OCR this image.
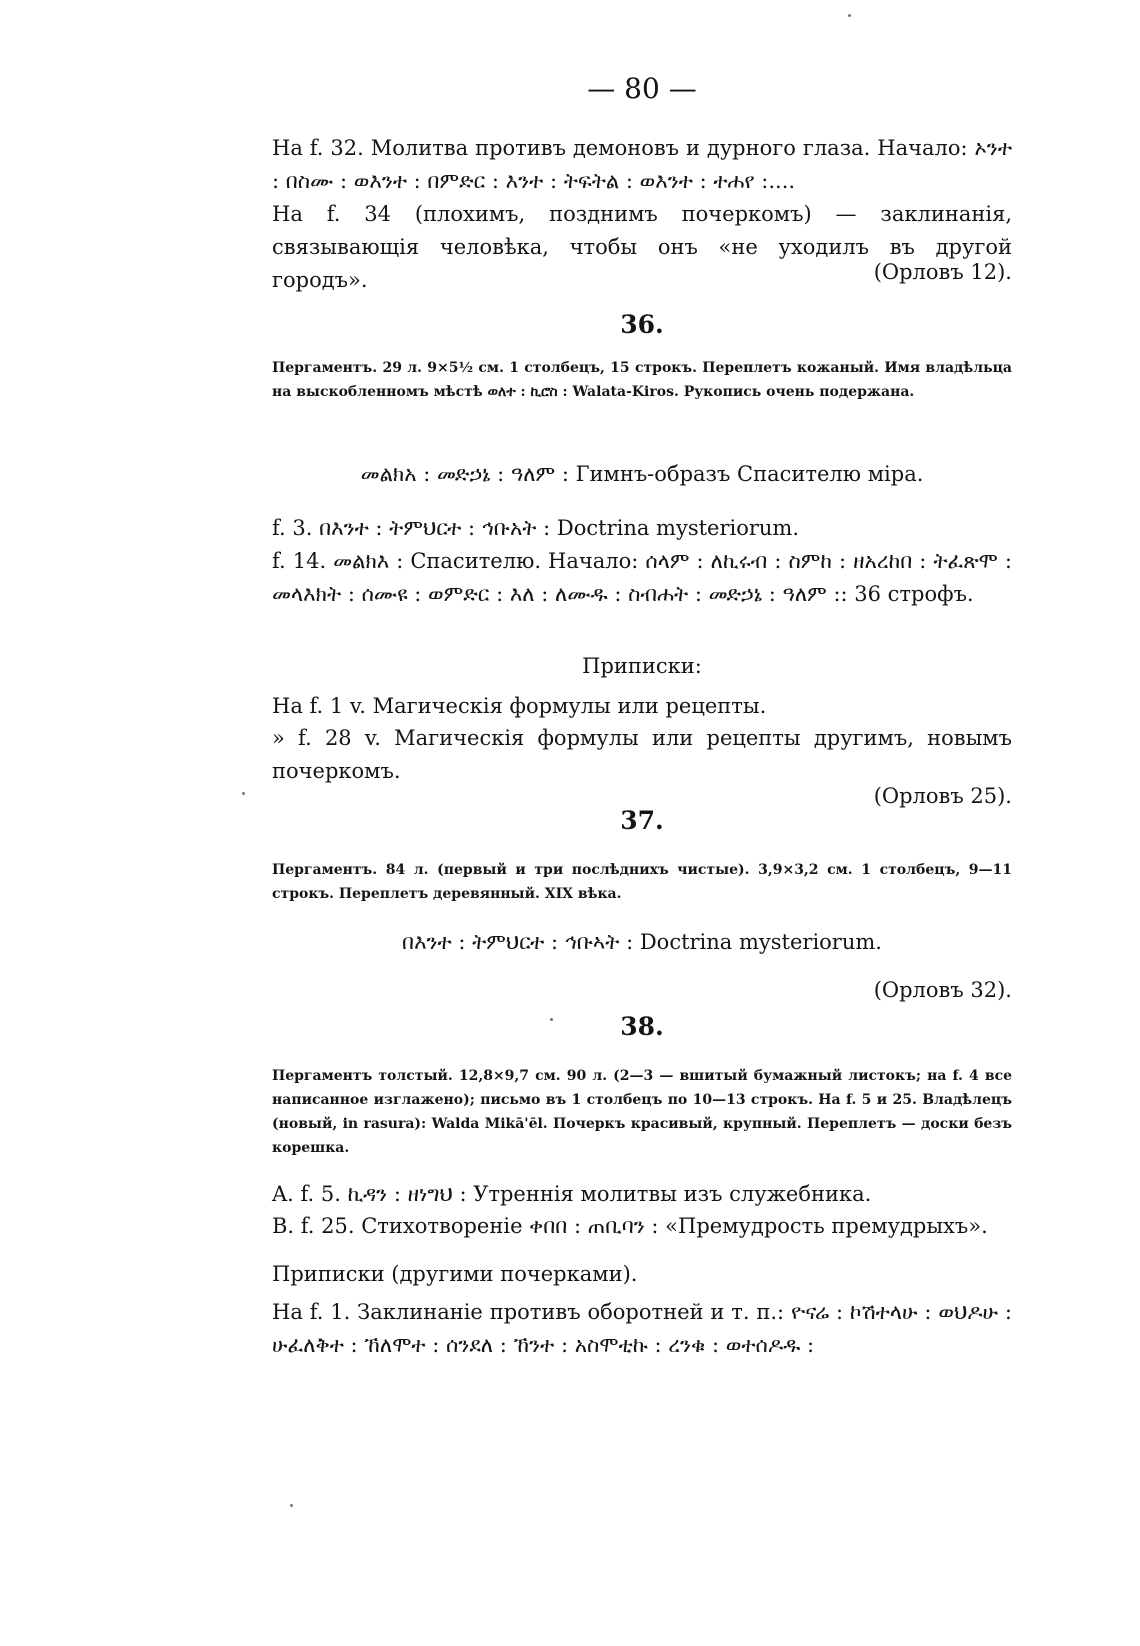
— 80 —

На f. 32. Молитва противъ демоновъ и дурного глаза. Начало: ኦንተ : በስሙ : ወእንተ : በምድር : እንተ : ትፍትል : ወእንተ : ተሐየ :....

На f. 34 (плохимъ, позднимъ почеркомъ) — заклинанія, связывающія человѣка, чтобы онъ «не уходилъ въ другой городъ».	(Орловъ 12).
36.

Пергаментъ. 29 л. 9×5½ см. 1 столбецъ, 15 строкъ. Переплетъ кожаный. Имя владѣльца на выскобленномъ мѣстѣ ወለተ : ኪሮስ : Walata-Kiros. Рукопись очень подержана.

መልክአ : መድኃኔ : ዓለም : Гимнъ-образъ Спасителю міра.

f. 3. በእንተ : ትምህርተ : ኅቡአት : Doctrina mysteriorum.

f. 14. መልክእ : Спасителю. Начало: ሰላም : ለኪሩብ : ስምከ : ዘአረከበ : ትፈጽሞ : መላእክት : ሰሙዩ : ወምድር : እለ : ለሙዱ : ስብሐት : መድኃኔ : ዓለም :: 36 строфъ.

Приписки:

На f. 1 v. Магическія формулы или рецепты.

» f. 28 v. Магическія формулы или рецепты другимъ, новымъ почеркомъ.

(Орловъ 25).
37.

Пергаментъ. 84 л. (первый и три послѣднихъ чистые). 3,9×3,2 см. 1 столбецъ, 9—11 строкъ. Переплетъ деревянный. XIX вѣка.

በእንተ : ትምህርተ : ኅቡኣት : Doctrina mysteriorum.
(Орловъ 32).
38.

Пергаментъ толстый. 12,8×9,7 см. 90 л. (2—3 — вшитый бумажный листокъ; на f. 4 все написанное изглажено); письмо въ 1 столбецъ по 10—13 строкъ. На f. 5 и 25. Владѣлецъ (новый, in rasura): Walda Mikā'ēl. Почеркъ красивый, крупный. Переплетъ — доски безъ корешка.

A. f. 5. ኪዳን : ዘነግህ : Утреннія молитвы изъ служебника.

B. f. 25. Стихотвореніе ቀበበ : ጠቢባን : «Премудрость премудрыхъ».

Приписки (другими почерками).

На f. 1. Заклинаніе противъ оборотней и т. п.: ዮናሬ : ኮሽተላሁ : ወህዶሁ : ሁፈለቅተ : ኸለሞተ : ሰንደለ : ኸንተ : አስሞቲኩ : ረንቁ : ወተሰዶዱ :
